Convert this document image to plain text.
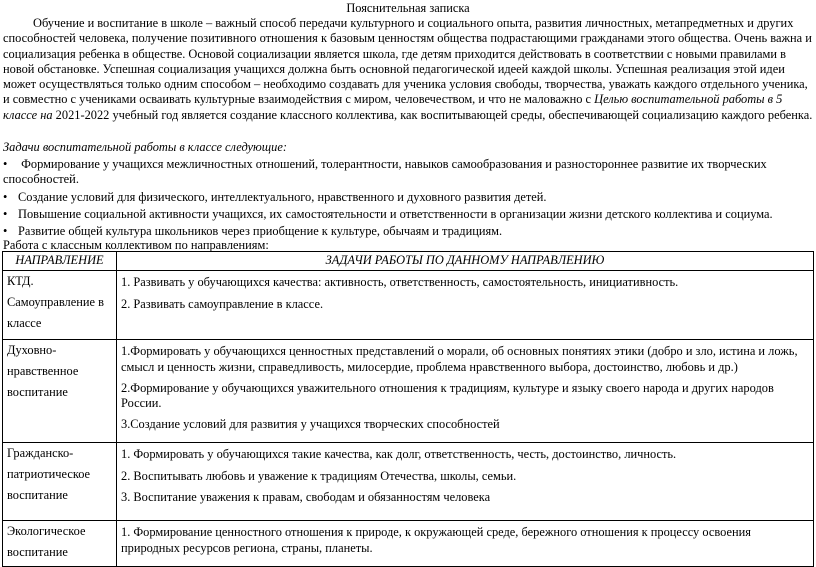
Пояснительная записка
Обучение и воспитание в школе – важный способ передачи культурного и социального опыта, развития личностных, метапредметных и других способностей человека, получение позитивного отношения к базовым ценностям общества подрастающими гражданами этого общества. Очень важна и социализация ребенка в обществе. Основой социализации является школа, где детям приходится действовать в соответствии с новыми правилами в новой обстановке. Успешная социализация учащихся должна быть основной педагогической идеей каждой школы. Успешная реализация этой идеи может осуществляться только одним способом – необходимо создавать для ученика условия свободы, творчества, уважать каждого отдельного ученика, и совместно с учениками осваивать культурные взаимодействия с миром, человечеством, и что не маловажно с Целью воспитательной работы в 5 классе на 2021-2022 учебный год является создание классного коллектива, как воспитывающей среды, обеспечивающей социализацию каждого ребенка.
Задачи воспитательной работы в классе следующие:
• Формирование у учащихся межличностных отношений, толерантности, навыков самообразования и разностороннее развитие их творческих способностей.
• Создание условий для физического, интеллектуального, нравственного и духовного развития детей.
• Повышение социальной активности учащихся, их самостоятельности и ответственности в организации жизни детского коллектива и социума.
• Развитие общей культура школьников через приобщение к культуре, обычаям и традициям.
Работа с классным коллективом по направлениям:
НАПРАВЛЕНИЕ	ЗАДАЧИ РАБОТЫ ПО ДАННОМУ НАПРАВЛЕНИЮ
КТД. Самоуправление в классе	1. Развивать у обучающихся качества: активность, ответственность, самостоятельность, инициативность.

2. Развивать самоуправление в классе.

Духовно-нравственное воспитание	1.Формировать у обучающихся ценностных представлений о морали, об основных понятиях этики (добро и зло, истина и ложь, смысл и ценность жизни, справедливость, милосердие, проблема нравственного выбора, достоинство, любовь и др.)

2.Формирование у обучающихся уважительного отношения к традициям, культуре и языку своего народа и других народов России.

3.Создание условий для развития у учащихся творческих способностей

Гражданско-патриотическое воспитание	1. Формировать у обучающихся такие качества, как долг, ответственность, честь, достоинство, личность.

2. Воспитывать любовь и уважение к традициям Отечества, школы, семьи.

3. Воспитание уважения к правам, свободам и обязанностям человека

Экологическое воспитание	1. Формирование ценностного отношения к природе, к окружающей среде, бережного отношения к процессу освоения природных ресурсов региона, страны, планеты.
